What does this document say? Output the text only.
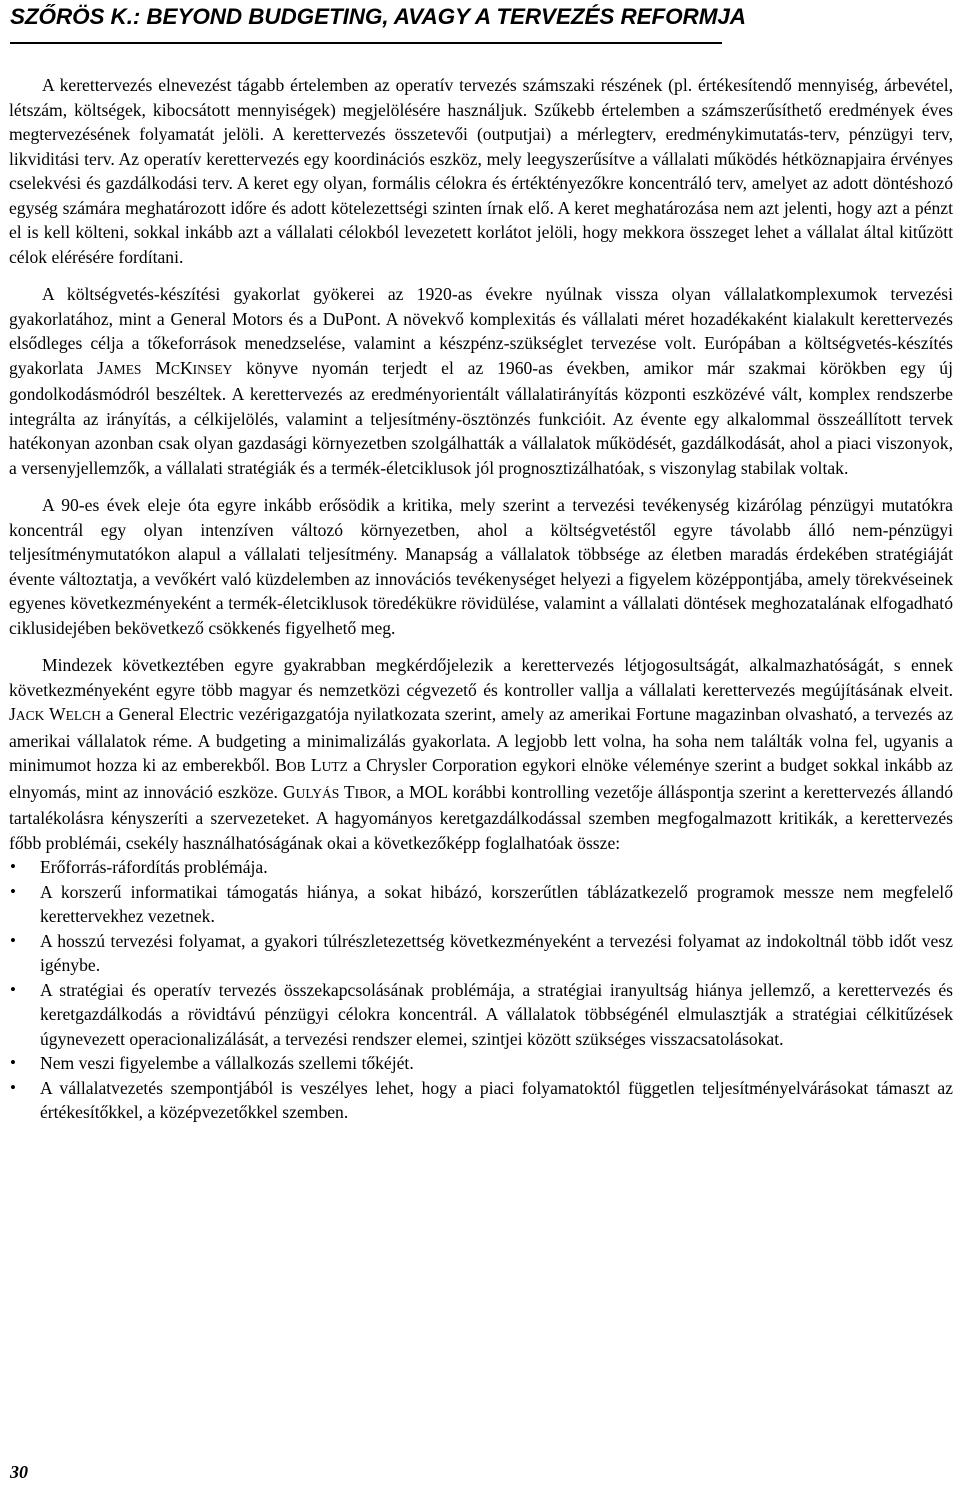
SZŐRÖS K.: BEYOND BUDGETING, AVAGY A TERVEZÉS REFORMJA

A kerettervezés elnevezést tágabb értelemben az operatív tervezés számszaki részének (pl. értékesítendő mennyiség, árbevétel, létszám, költségek, kibocsátott mennyiségek) megjelölésére használjuk. Szűkebb értelemben a számszerűsíthető eredmények éves megtervezésének folyamatát jelöli. A kerettervezés összetevői (outputjai) a mérlegterv, eredménykimutatás-terv, pénzügyi terv, likviditási terv. Az operatív kerettervezés egy koordinációs eszköz, mely leegyszerűsítve a vállalati működés hétköznapjaira érvényes cselekvési és gazdálkodási terv. A keret egy olyan, formális célokra és értéktényezőkre koncentráló terv, amelyet az adott döntéshozó egység számára meghatározott időre és adott kötelezettségi szinten írnak elő. A keret meghatározása nem azt jelenti, hogy azt a pénzt el is kell költeni, sokkal inkább azt a vállalati célokból levezetett korlátot jelöli, hogy mekkora összeget lehet a vállalat által kitűzött célok elérésére fordítani.

A költségvetés-készítési gyakorlat gyökerei az 1920-as évekre nyúlnak vissza olyan vállalatkomplexumok tervezési gyakorlatához, mint a General Motors és a DuPont. A növekvő komplexitás és vállalati méret hozadékaként kialakult kerettervezés elsődleges célja a tőkeforrások menedzselése, valamint a készpénz-szükséglet tervezése volt. Európában a költségvetés-készítés gyakorlata JAMES MCKINSEY könyve nyomán terjedt el az 1960-as években, amikor már szakmai körökben egy új gondolkodásmódról beszéltek. A kerettervezés az eredményorientált vállalatirányítás központi eszközévé vált, komplex rendszerbe integrálta az irányítás, a célkijelölés, valamint a teljesítmény-ösztönzés funkcióit. Az évente egy alkalommal összeállított tervek hatékonyan azonban csak olyan gazdasági környezetben szolgálhatták a vállalatok működését, gazdálkodását, ahol a piaci viszonyok, a versenyjellemzők, a vállalati stratégiák és a termék-életciklusok jól prognosztizálhatóak, s viszonylag stabilak voltak.

A 90-es évek eleje óta egyre inkább erősödik a kritika, mely szerint a tervezési tevékenység kizárólag pénzügyi mutatókra koncentrál egy olyan intenzíven változó környezetben, ahol a költségvetéstől egyre távolabb álló nem-pénzügyi teljesítménymutatókon alapul a vállalati teljesítmény. Manapság a vállalatok többsége az életben maradás érdekében stratégiáját évente változtatja, a vevőkért való küzdelemben az innovációs tevékenységet helyezi a figyelem középpontjába, amely törekvéseinek egyenes következményeként a termék-életciklusok töredékükre rövidülése, valamint a vállalati döntések meghozatalának elfogadható ciklusidejében bekövetkező csökkenés figyelhető meg.

Mindezek következtében egyre gyakrabban megkérdőjelezik a kerettervezés létjogosultságát, alkalmazhatóságát, s ennek következményeként egyre több magyar és nemzetközi cégvezető és kontroller vallja a vállalati kerettervezés megújításának elveit. JACK WELCH a General Electric vezérigazgatója nyilatkozata szerint, amely az amerikai Fortune magazinban olvasható, a tervezés az amerikai vállalatok réme. A budgeting a minimalizálás gyakorlata. A legjobb lett volna, ha soha nem találták volna fel, ugyanis a minimumot hozza ki az emberekből. BOB LUTZ a Chrysler Corporation egykori elnöke véleménye szerint a budget sokkal inkább az elnyomás, mint az innováció eszköze. GULYÁS TIBOR, a MOL korábbi kontrolling vezetője álláspontja szerint a kerettervezés állandó tartalékolásra kényszeríti a szervezeteket. A hagyományos keretgazdálkodással szemben megfogalmazott kritikák, a kerettervezés főbb problémái, csekély használhatóságának okai a következőképp foglalhatóak össze:

• Erőforrás-ráfordítás problémája.
• A korszerű informatikai támogatás hiánya, a sokat hibázó, korszerűtlen táblázatkezelő programok messze nem megfelelő kerettervekhez vezetnek.
• A hosszú tervezési folyamat, a gyakori túlrészletezettség következményeként a tervezési folyamat az indokoltnál több időt vesz igénybe.
• A stratégiai és operatív tervezés összekapcsolásának problémája, a stratégiai iranyultság hiánya jellemző, a kerettervezés és keretgazdálkodás a rövidtávú pénzügyi célokra koncentrál. A vállalatok többségénél elmulasztják a stratégiai célkitűzések úgynevezett operacionalizálását, a tervezési rendszer elemei, szintjei között szükséges visszacsatolásokat.
• Nem veszi figyelembe a vállalkozás szellemi tőkéjét.
• A vállalatvezetés szempontjából is veszélyes lehet, hogy a piaci folyamatoktól független teljesítményelvárásokat támaszt az értékesítőkkel, a középvezetőkkel szemben.
30
